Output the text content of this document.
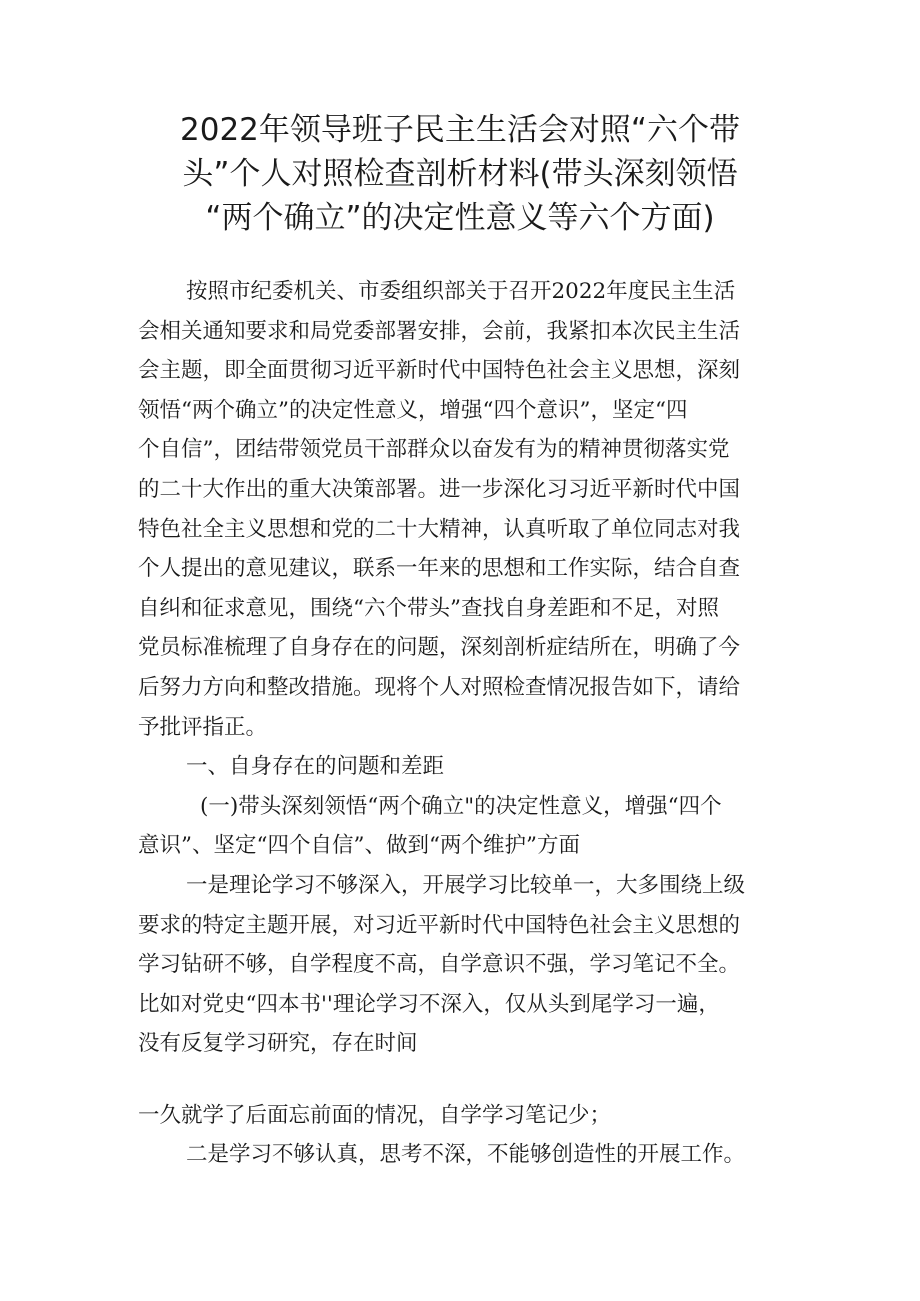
2022年领导班子民主生活会对照“六个带
头”个人对照检查剖析材料(带头深刻领悟
“两个确立”的决定性意义等六个方面)
按照市纪委机关、市委组织部关于召开2022年度民主生活
会相关通知要求和局党委部署安排，会前，我紧扣本次民主生活
会主题，即全面贯彻习近平新时代中国特色社会主义思想，深刻
领悟“两个确立”的决定性意义，增强“四个意识”，坚定“四
个自信”，团结带领党员干部群众以奋发有为的精神贯彻落实党
的二十大作出的重大决策部署。进一步深化习习近平新时代中国
特色社全主义思想和党的二十大精神，认真听取了单位同志对我
个人提出的意见建议，联系一年来的思想和工作实际，结合自查
自纠和征求意见，围绕“六个带头”查找自身差距和不足，对照
党员标准梳理了自身存在的问题，深刻剖析症结所在，明确了今
后努力方向和整改措施。现将个人对照检查情况报告如下，请给
予批评指正。
一、自身存在的问题和差距
(一)带头深刻领悟“两个确立"的决定性意义，增强“四个
意识”、坚定“四个自信”、做到“两个维护”方面
一是理论学习不够深入，开展学习比较单一，大多围绕上级
要求的特定主题开展，对习近平新时代中国特色社会主义思想的
学习钻研不够，自学程度不高，自学意识不强，学习笔记不全。
比如对党史“四本书''理论学习不深入，仅从头到尾学习一遍，
没有反复学习研究，存在时间
一久就学了后面忘前面的情况，自学学习笔记少；
二是学习不够认真，思考不深，不能够创造性的开展工作。
